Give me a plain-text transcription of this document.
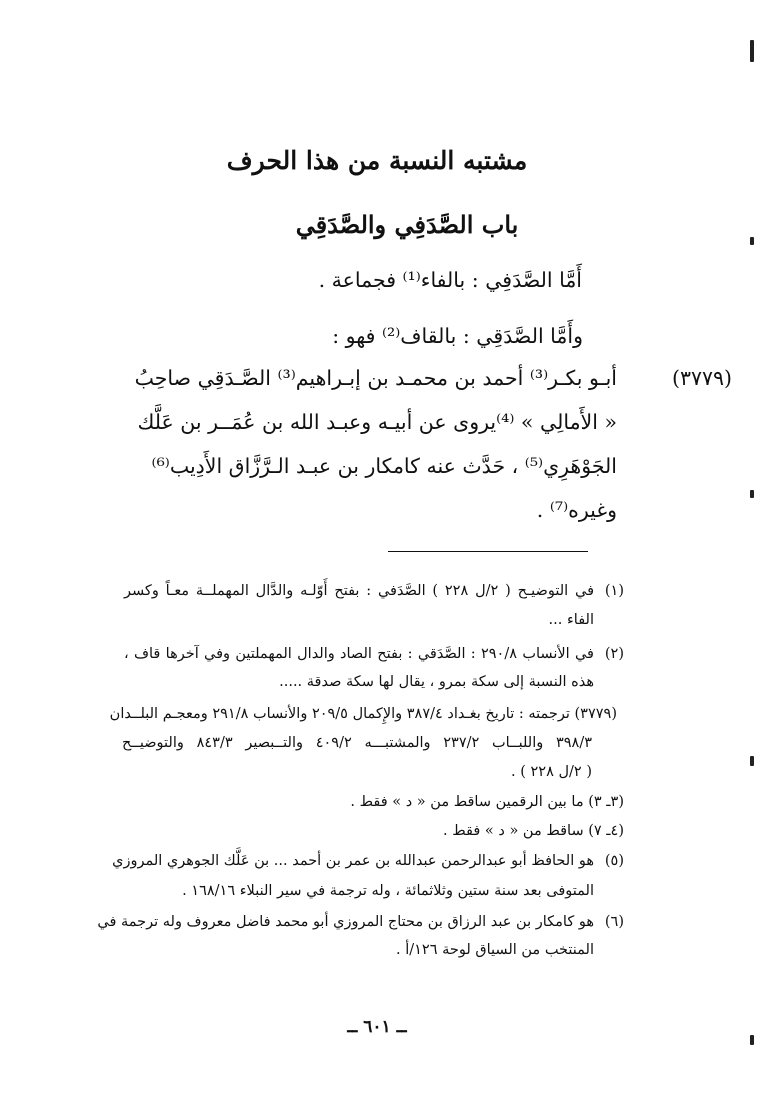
مشتبه النسبة من هذا الحرف
باب الصَّدَفِي والصَّدَقِي
أَمَّا الصَّدَفِي : بالفاء⁽¹⁾ فجماعة .
وأَمَّا الصَّدَقِي : بالقاف⁽²⁾ فهو :
(٣٧٧٩)
أبـو بكـر⁽³⁾ أحمد بن محمـد بن إبـراهيم⁽³⁾ الصَّـدَقِي صاحِبُ
« الأَمالِي » ⁽⁴⁾يروى عن أبيـه وعبـد الله بن عُمَــر بن عَلَّك
الجَوْهَرِي⁽⁵⁾ ، حَدَّث عنه كامكار بن عبـد الـرَّزَّاق الأَدِيب⁽⁶⁾
وغيره⁽⁷⁾ .
(١)
في التوضيـح ( ٢/ل ٢٢٨ ) الصَّدَفي : بفتح أَوّلـه والدَّال المهملــة معـاً وكسر
الفاء ...
(٢)
في الأنساب ٢٩٠/٨ : الصَّدَقي : بفتح الصاد والدال المهملتين وفي آخرها قاف ،
هذه النسبة إلى سكة بمرو ، يقال لها سكة صدقة .....
(٣٧٧٩) ترجمته : تاريخ بغـداد ٣٨٧/٤ والإِكمال ٢٠٩/٥ والأنساب ٢٩١/٨ ومعجـم البلــدان
٣٩٨/٣ واللبــاب ٢٣٧/٢ والمشتبـــه ٤٠٩/٢ والتــبصير ٨٤٣/٣ والتوضيــح
( ٢/ل ٢٢٨ ) .
(٣ـ ٣) ما بين الرقمين ساقط من « د » فقط .
(٤ـ ٧) ساقط من « د » فقط .
(٥)
هو الحافظ أبو عبدالرحمن عبدالله بن عمر بن أحمد ... بن عَلَّك الجوهري المروزي
المتوفى بعد سنة ستين وثلاثمائة ، وله ترجمة في سير النبلاء ١٦٨/١٦ .
(٦)
هو كامكار بن عبد الرزاق بن محتاج المروزي أبو محمد فاضل معروف وله ترجمة في
المنتخب من السياق لوحة ١٢٦/أ .
ــ ٦٠١ ــ
